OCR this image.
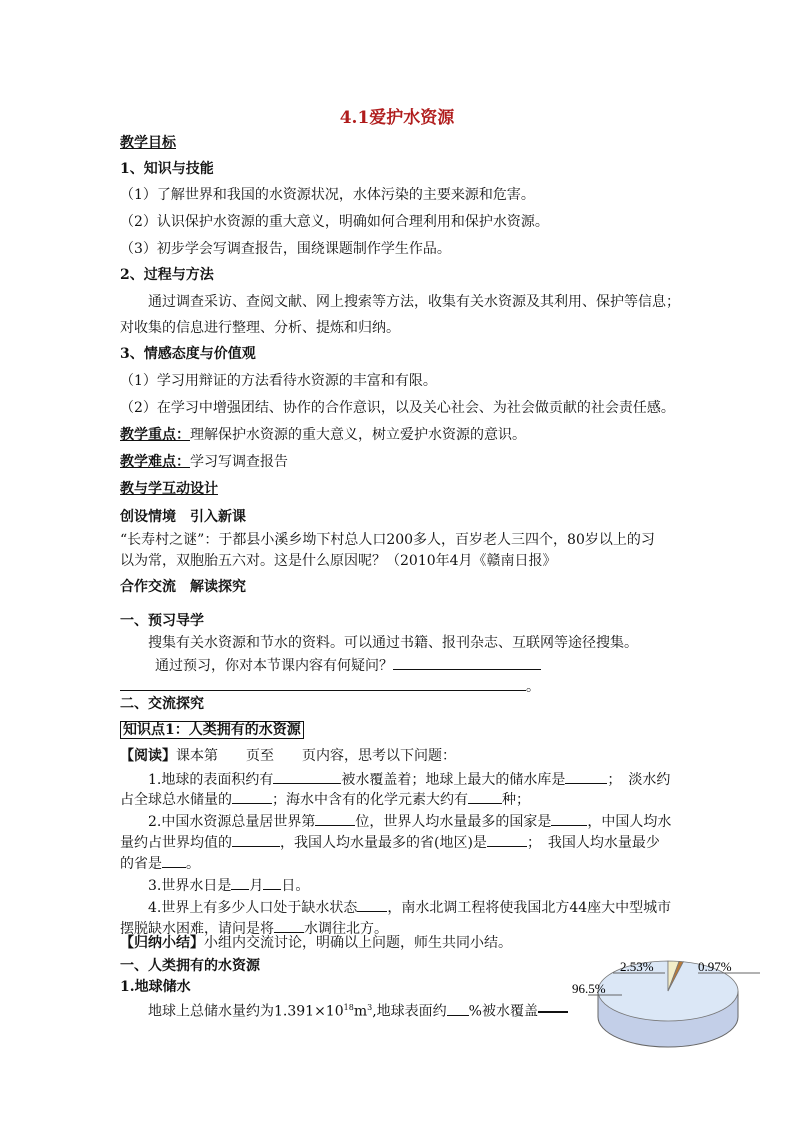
4.1爱护水资源
教学目标
1、知识与技能
（1）了解世界和我国的水资源状况，水体污染的主要来源和危害。
（2）认识保护水资源的重大意义，明确如何合理利用和保护水资源。
（3）初步学会写调查报告，围绕课题制作学生作品。
2、过程与方法
通过调查采访、查阅文献、网上搜索等方法，收集有关水资源及其利用、保护等信息；
对收集的信息进行整理、分析、提炼和归纳。
3、情感态度与价值观
（1）学习用辩证的方法看待水资源的丰富和有限。
（2）在学习中增强团结、协作的合作意识，以及关心社会、为社会做贡献的社会责任感。
教学重点：理解保护水资源的重大意义，树立爱护水资源的意识。
教学难点：学习写调查报告
教与学互动设计
创设情境　引入新课
“长寿村之谜”：于都县小溪乡坳下村总人口200多人，百岁老人三四个，80岁以上的习
以为常，双胞胎五六对。这是什么原因呢？（2010年4月《赣南日报》
合作交流　解读探究
一、预习导学
搜集有关水资源和节水的资料。可以通过书籍、报刊杂志、互联网等途径搜集。
通过预习，你对本节课内容有何疑问？
。
二、交流探究
知识点1：人类拥有的水资源
【阅读】课本第　　页至　　页内容，思考以下问题：
1.地球的表面积约有	被水覆盖着；地球上最大的储水库是	；　淡水约
占全球总水储量的	；海水中含有的化学元素大约有 种；
2.中国水资源总量居世界第	位，世界人均水量最多的国家是	，中国人均水
量约占世界均值的	，我国人均水量最多的省(地区)是	；　我国人均水量最少
的省是 。
3.世界水日是 月 日。
4.世界上有多少人口处于缺水状态 ，南水北调工程将使我国北方44座大中型城市
摆脱缺水困难，请问是将 水调往北方。
【归纳小结】小组内交流讨论，明确以上问题，师生共同小结。
一、人类拥有的水资源
1.地球储水
地球上总储水量约为$1.391\times 10^{18}m^3$,地球表面约 %被水覆盖
2.53%	0.97%
96.5%
